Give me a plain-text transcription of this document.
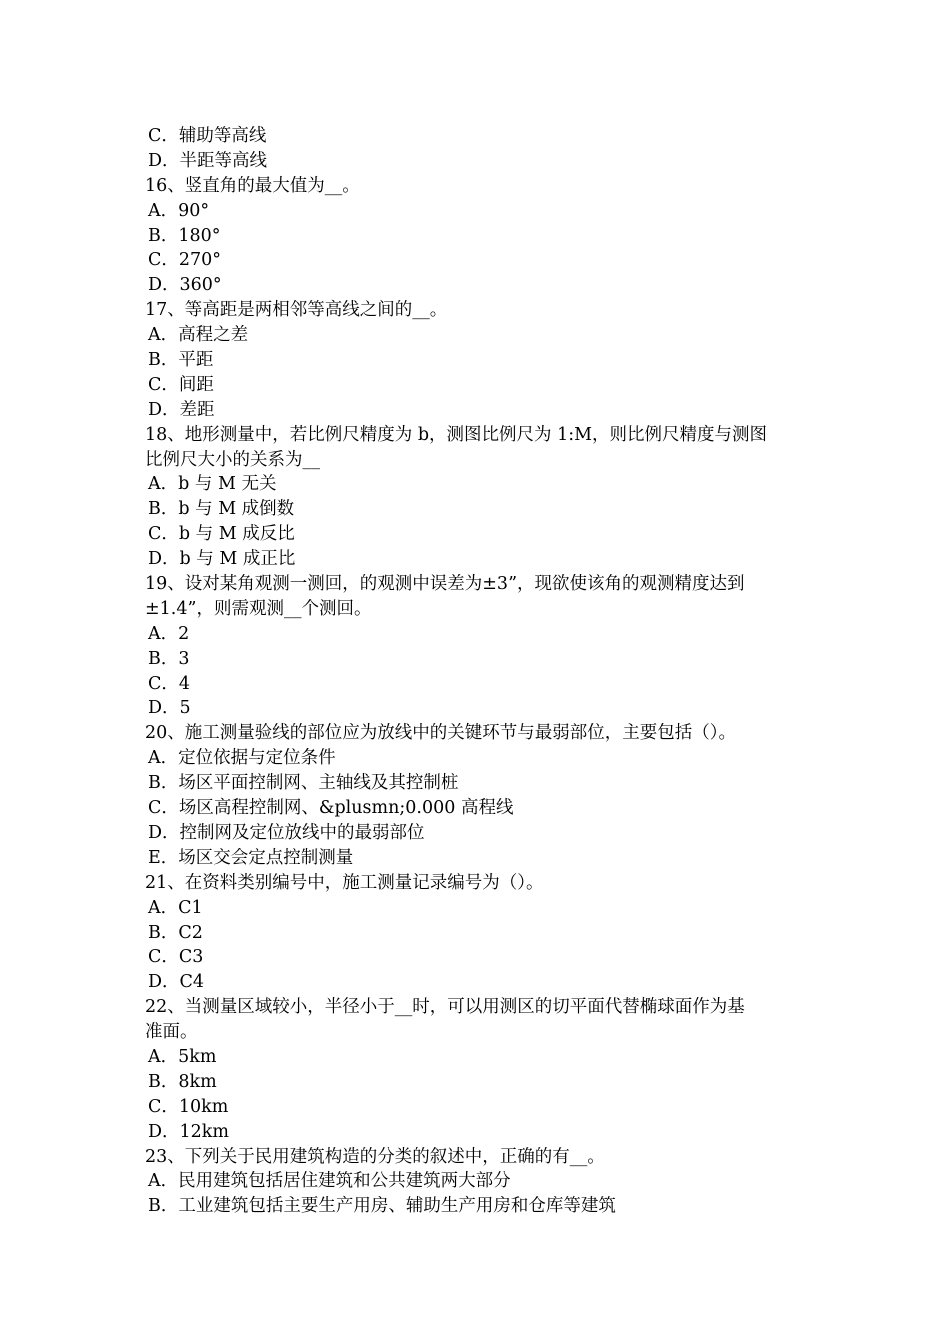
C．辅助等高线
D．半距等高线
16、竖直角的最大值为__。
A．90°
B．180°
C．270°
D．360°
17、等高距是两相邻等高线之间的__。
A．高程之差
B．平距
C．间距
D．差距
18、地形测量中，若比例尺精度为 b，测图比例尺为 1:M，则比例尺精度与测图
比例尺大小的关系为__
A．b 与 M 无关
B．b 与 M 成倒数
C．b 与 M 成反比
D．b 与 M 成正比
19、设对某角观测一测回，的观测中误差为±3”，现欲使该角的观测精度达到
±1.4”，则需观测__个测回。
A．2
B．3
C．4
D．5
20、施工测量验线的部位应为放线中的关键环节与最弱部位，主要包括（）。
A．定位依据与定位条件
B．场区平面控制网、主轴线及其控制桩
C．场区高程控制网、&plusmn;0.000 高程线
D．控制网及定位放线中的最弱部位
E．场区交会定点控制测量
21、在资料类别编号中，施工测量记录编号为（）。
A．C1
B．C2
C．C3
D．C4
22、当测量区域较小，半径小于__时，可以用测区的切平面代替椭球面作为基
准面。
A．5km
B．8km
C．10km
D．12km
23、下列关于民用建筑构造的分类的叙述中，正确的有__。
A．民用建筑包括居住建筑和公共建筑两大部分
B．工业建筑包括主要生产用房、辅助生产用房和仓库等建筑
